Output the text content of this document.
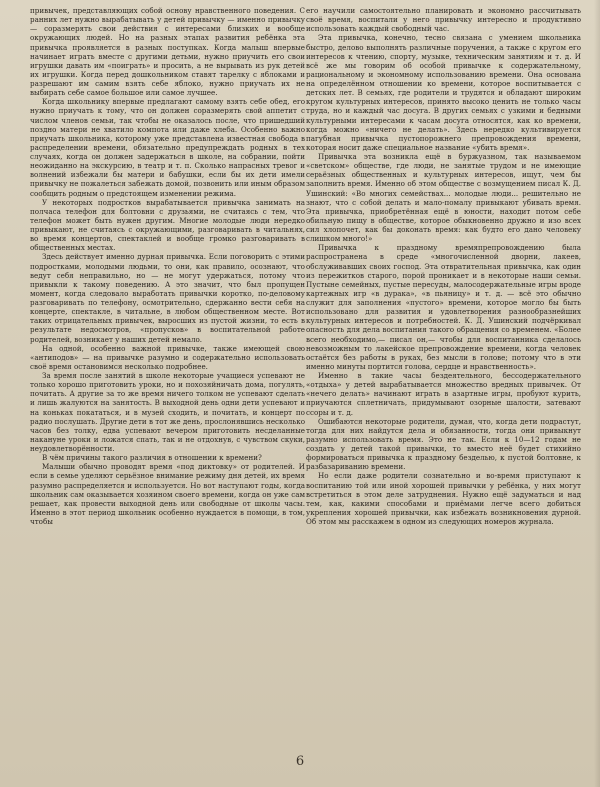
привычек, представляющих собой основу нравственного поведения. С ранних лет нужно вырабатывать у детей привычку — именно привычку — соразмерять свои действия с интересами близких и вообще окружающих людей. Но на разных этапах развития ребёнка эта привычка проявляется в разных поступках. Когда малыш впервые начинает играть вместе с другими детьми, нужно приучить его свои игрушки давать им «поиграть» и просить, а не вырывать из рук детей их игрушки. Когда перед дошкольником ставят тарелку с яблоками и разрешают им самим взять себе яблоко, нужно приучать их не выбирать себе самое большое или самое лучшее.

Когда школьнику впервые предлагают самому взять себе обед, его нужно приучать к тому, что он должен соразмерять свой аппетит с числом членов семьи, так чтобы не оказалось после, что пришедший поздно матери не хватило компота или даже хлеба. Особенно важно приучать школьника, которому уже представлена известная свобода в распределении времени, обязательно предупреждать родных в тех случаях, когда он должен задержаться в школе, на собрании, пойти неожиданно на экскурсию, в театр и т. п. Сколько напрасных тревог и волнений избежали бы матери и бабушки, если бы их дети имели привычку не пожалеться забежать домой, позвонить или иным образом сообщить родным о предстоящем изменении режима.

У некоторых подростков вырабатывается привычка занимать на полчаса телефон для болтовни с друзьями, не считаясь с тем, что телефон может быть нужен другим. Многие молодые люди нередко привыкают, не считаясь с окружающими, разговаривать в читальнях, во время концертов, спектаклей и вообще громко разговаривать в общественных местах.

Здесь действует именно дурная привычка. Если поговорить с этими подростками, молодыми людьми, то они, как правило, осознают, что ведут себя неправильно, но — не могут удержаться, потому что привыкли к такому поведению. А это значит, что был пропущен момент, когда следовало выработать привычки коротко, по-деловому разговаривать по телефону, осмотрительно, сдержанно вести себя на концерте, спектакле, в читальне, в любом общественном месте. Вот таких отрицательных привычек, выросших из пустой жизни, то есть в результате недосмотров, «пропусков» в воспитательной работе родителей, возникает у наших детей немало.

На одной, особенно важной привычке, также имеющей свою «антиподов» — на привычке разумно и содержательно использовать своё время остановимся несколько подробнее.

За время после занятий в школе некоторые учащиеся успевают не только хорошо приготовить уроки, но и похозяйничать дома, погулять, почитать. А другие за то же время ничего толком не успевают сделать и лишь жалуются на занятость. В выходной день одни дети успевают и на коньках покататься, и в музей сходить, и почитать, и концерт по радио послушать. Другие дети в тот же день, прослонявшись несколько часов без толку, едва успевают вечером приготовить несделанные накануне уроки и ложатся спать, так и не отдохнув, с чувством скуки, неудовлетворённости.

В чём причины такого различия в отношении к времени?

Малыши обычно проводят время «под диктовку» от родителей. И если в семье уделяют серьёзное внимание режиму дня детей, их время разумно распределяется и используется. Но вот наступают годы, когда школьник сам оказывается хозяином своего времени, когда он уже сам решает, как провести выходной день или свободные от школы часы. Именно в этот период школьник особенно нуждается в помощи, в том, чтобы

его научили самостоятельно планировать и экономно рассчитывать своё время, воспитали у него привычку интересно и продуктивно использовать каждый свободный час.

Эта привычка, конечно, тесно связана с умением школьника быстро, делово выполнять различные поручения, а также с кругом его интересов к чтению, спорту, музыке, техническим занятиям и т. д. И всё же мы говорим об особой привычке к содержательному, рациональному и экономному использованию времени. Она основана на определённом отношении ко времени, которое воспитывается с детских лет. В семьях, где родители и трудятся и обладают широким кругом культурных интересов, принято высоко ценить не только часы труда, но и каждый час досуга. В других семьях с узкими и бедными культурными интересами к часам досуга относятся, как ко времени, когда можно «ничего не делать». Здесь нередко культивируется пагубная привычка пустопорожнего препровождения времени, которая носит даже специальное название «убить время».

Привычка эта возникла ещё в буржуазном, так называемом «светском» обществе, где люди, не занятые трудом и не имеющие серьёзных общественных и культурных интересов, ищут, чем бы заполнить время. Именно об этом обществе с возмущением писал К. Д. Ушинский: «Во многих семействах... молодые люди... решительно не знают, что с собой делать и мало-помалу привыкают убивать время. Эта привычка, приобретённая ещё в юности, находит потом себе обильную пищу в обществе, которое обыкновенно дружно и изо всех сил хлопочет, как бы доконать время: как будто его дано человеку слишком много!»

Привычка к праздному времяпрепровождению была распространена в среде «многочисленной дворни, лакеев, обслуживавших своих господ. Эта отвратительная привычка, как один из пережитков старого, порой проникает и в некоторые наши семьи. Пустыне семейных, пустые пересуды, малосодержательные игры вроде картежных игр «в дурака», «в пьяницу» и т. д. — всё это обычно служит для заполнения «пустого» времени, которое могло бы быть использовано для развития и удовлетворения разнообразнейших культурных интересов и потребностей. К. Д. Ушинский подчёркивал опасность для дела воспитания такого обращения со временем. «Более всего необходимо,— писал он,— чтобы для воспитанника сделалось невозможным то лакейское препровождение времени, когда человек остаётся без работы в руках, без мысли в голове; потому что в эти именно минуты портится голова, сердце и нравственность».

Именно в такие часы бездеятельного, бессодержательного «отдыха» у детей вырабатывается множество вредных привычек. От «нечего делать» начинают играть в азартные игры, пробуют курить, приучаются сплетничать, придумывают озорные шалости, затевают ссоры и т. д.

Ошибаются некоторые родители, думая, что, когда дети подрастут, тогда для них найдутся дела и обязанности, тогда они привыкнут разумно использовать время. Это не так. Если к 10—12 годам не создать у детей такой привычки, то вместо неё будет стихийно формироваться привычка к праздному безделью, к пустой болтовне, к разбазариванию времени.

Но если даже родители сознательно и во-время приступают к воспитанию той или иной хорошей привычки у ребёнка, у них могут встретиться в этом деле затруднения. Нужно ещё задуматься и над тем, как, какими способами и приёмами легче всего добиться укрепления хорошей привычки, как избежать возникновения дурной. Об этом мы расскажем в одном из следующих номеров журнала.

6
